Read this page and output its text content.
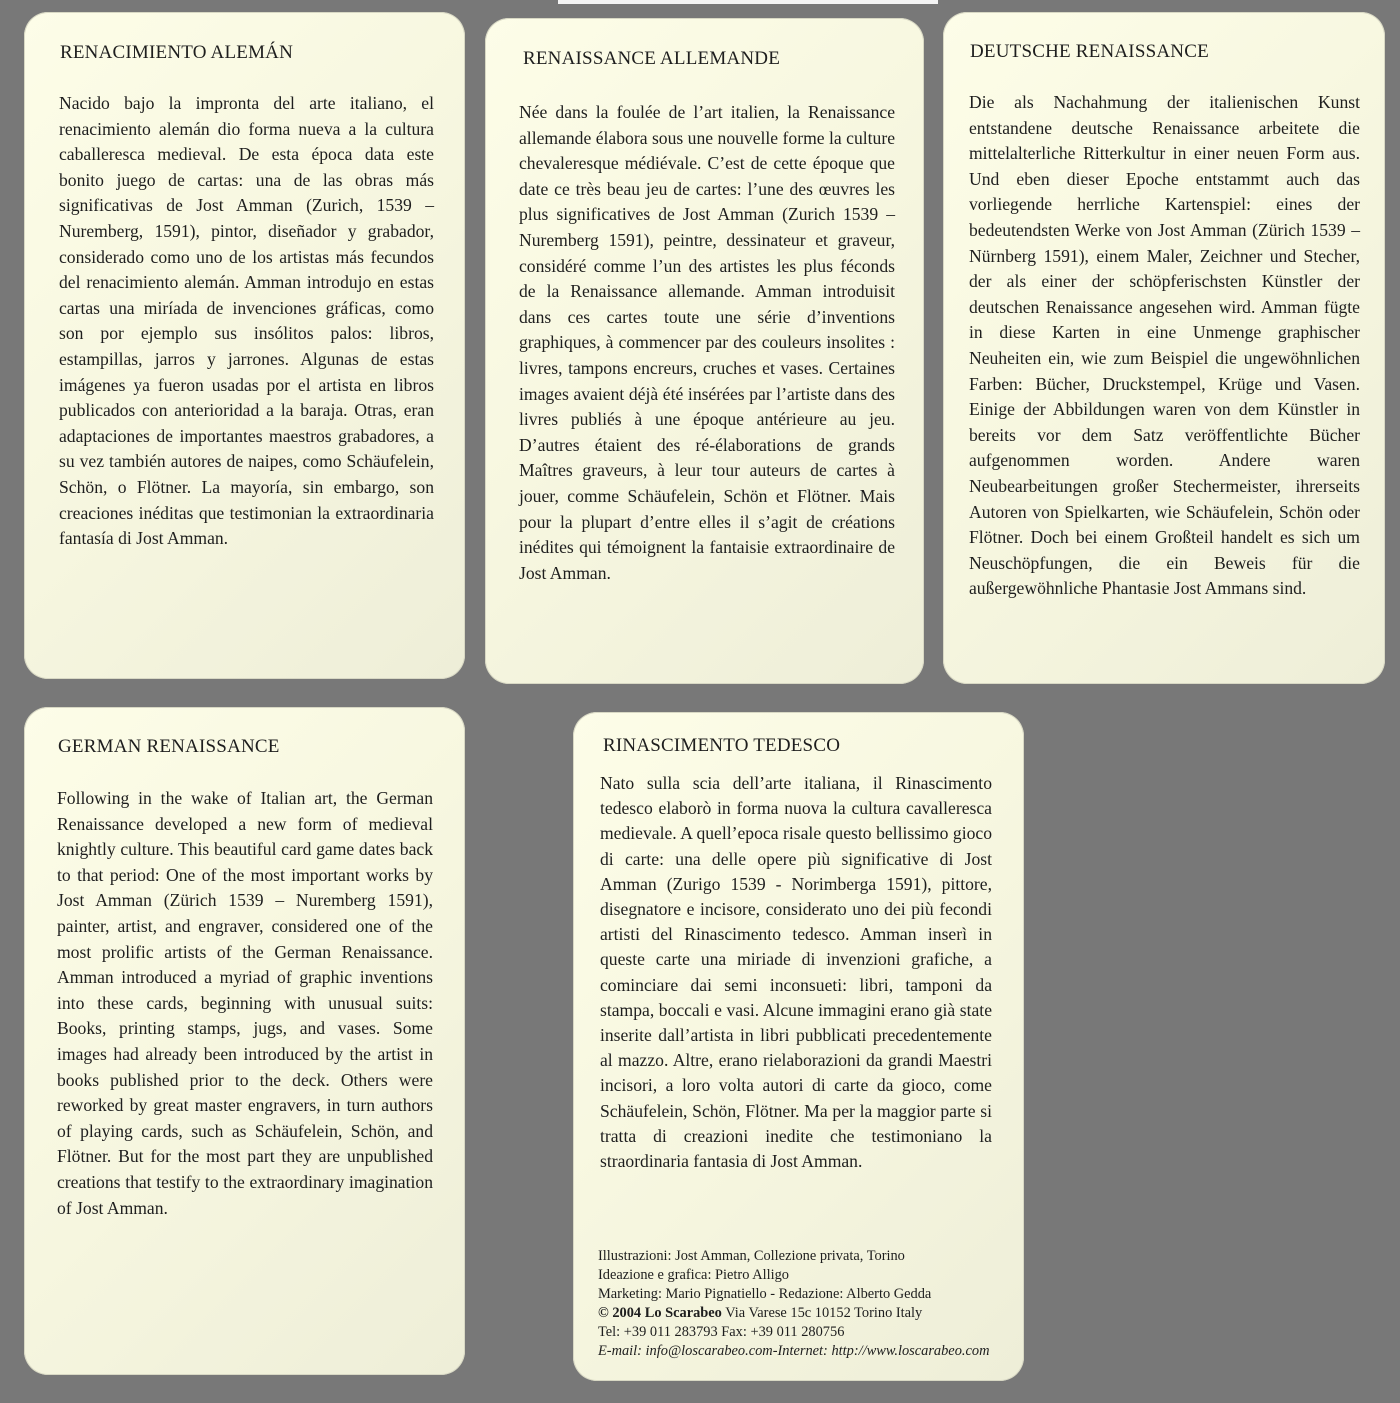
RENACIMIENTO ALEMÁN

Nacido bajo la impronta del arte italiano, el renacimiento alemán dio forma nueva a la cultura caballeresca medieval. De esta época data este bonito juego de cartas: una de las obras más significativas de Jost Amman (Zurich, 1539 – Nuremberg, 1591), pintor, diseñador y grabador, considerado como uno de los artistas más fecundos del renacimiento alemán. Amman introdujo en estas cartas una miríada de invenciones gráficas, como son por ejemplo sus insólitos palos: libros, estampillas, jarros y jarrones. Algunas de estas imágenes ya fueron usadas por el artista en libros publicados con anterioridad a la baraja. Otras, eran adaptaciones de importantes maestros grabadores, a su vez también autores de naipes, como Schäufelein, Schön, o Flötner. La mayoría, sin embargo, son creaciones inéditas que testimonian la extraordinaria fantasía di Jost Amman.

RENAISSANCE ALLEMANDE

Née dans la foulée de l’art italien, la Renaissance allemande élabora sous une nouvelle forme la culture chevaleresque médiévale. C’est de cette époque que date ce très beau jeu de cartes: l’une des œuvres les plus significatives de Jost Amman (Zurich 1539 – Nuremberg 1591), peintre, dessinateur et graveur, considéré comme l’un des artistes les plus féconds de la Renaissance allemande. Amman introduisit dans ces cartes toute une série d’inventions graphiques, à commencer par des couleurs insolites : livres, tampons encreurs, cruches et vases. Certaines images avaient déjà été insérées par l’artiste dans des livres publiés à une époque antérieure au jeu. D’autres étaient des ré-élaborations de grands Maîtres graveurs, à leur tour auteurs de cartes à jouer, comme Schäufelein, Schön et Flötner. Mais pour la plupart d’entre elles il s’agit de créations inédites qui témoignent la fantaisie extraordinaire de Jost Amman.

DEUTSCHE RENAISSANCE

Die als Nachahmung der italienischen Kunst entstandene deutsche Renaissance arbeitete die mittelalterliche Ritterkultur in einer neuen Form aus. Und eben dieser Epoche entstammt auch das vorliegende herrliche Kartenspiel: eines der bedeutendsten Werke von Jost Amman (Zürich 1539 – Nürnberg 1591), einem Maler, Zeichner und Stecher, der als einer der schöpferischsten Künstler der deutschen Renaissance angesehen wird. Amman fügte in diese Karten in eine Unmenge graphischer Neuheiten ein, wie zum Beispiel die ungewöhnlichen Farben: Bücher, Druckstempel, Krüge und Vasen. Einige der Abbildungen waren von dem Künstler in bereits vor dem Satz veröffentlichte Bücher aufgenommen worden. Andere waren Neubearbeitungen großer Stechermeister, ihrerseits Autoren von Spielkarten, wie Schäufelein, Schön oder Flötner. Doch bei einem Großteil handelt es sich um Neuschöpfungen, die ein Beweis für die außergewöhnliche Phantasie Jost Ammans sind.

GERMAN RENAISSANCE

Following in the wake of Italian art, the German Renaissance developed a new form of medieval knightly culture. This beautiful card game dates back to that period: One of the most important works by Jost Amman (Zürich 1539 – Nuremberg 1591), painter, artist, and engraver, considered one of the most prolific artists of the German Renaissance. Amman introduced a myriad of graphic inventions into these cards, beginning with unusual suits: Books, printing stamps, jugs, and vases. Some images had already been introduced by the artist in books published prior to the deck. Others were reworked by great master engravers, in turn authors of playing cards, such as Schäufelein, Schön, and Flötner. But for the most part they are unpublished creations that testify to the extraordinary imagination of Jost Amman.

RINASCIMENTO TEDESCO

Nato sulla scia dell’arte italiana, il Rinascimento tedesco elaborò in forma nuova la cultura cavalleresca medievale. A quell’epoca risale questo bellissimo gioco di carte: una delle opere più significative di Jost Amman (Zurigo 1539 - Norimberga 1591), pittore, disegnatore e incisore, considerato uno dei più fecondi artisti del Rinascimento tedesco. Amman inserì in queste carte una miriade di invenzioni grafiche, a cominciare dai semi inconsueti: libri, tamponi da stampa, boccali e vasi. Alcune immagini erano già state inserite dall’artista in libri pubblicati precedentemente al mazzo. Altre, erano rielaborazioni da grandi Maestri incisori, a loro volta autori di carte da gioco, come Schäufelein, Schön, Flötner. Ma per la maggior parte si tratta di creazioni inedite che testimoniano la straordinaria fantasia di Jost Amman.

Illustrazioni: Jost Amman, Collezione privata, Torino
Ideazione e grafica: Pietro Alligo
Marketing: Mario Pignatiello - Redazione: Alberto Gedda
© 2004 Lo Scarabeo Via Varese 15c 10152 Torino Italy
Tel: +39 011 283793 Fax: +39 011 280756
E-mail: info@loscarabeo.com-Internet: http://www.loscarabeo.com
